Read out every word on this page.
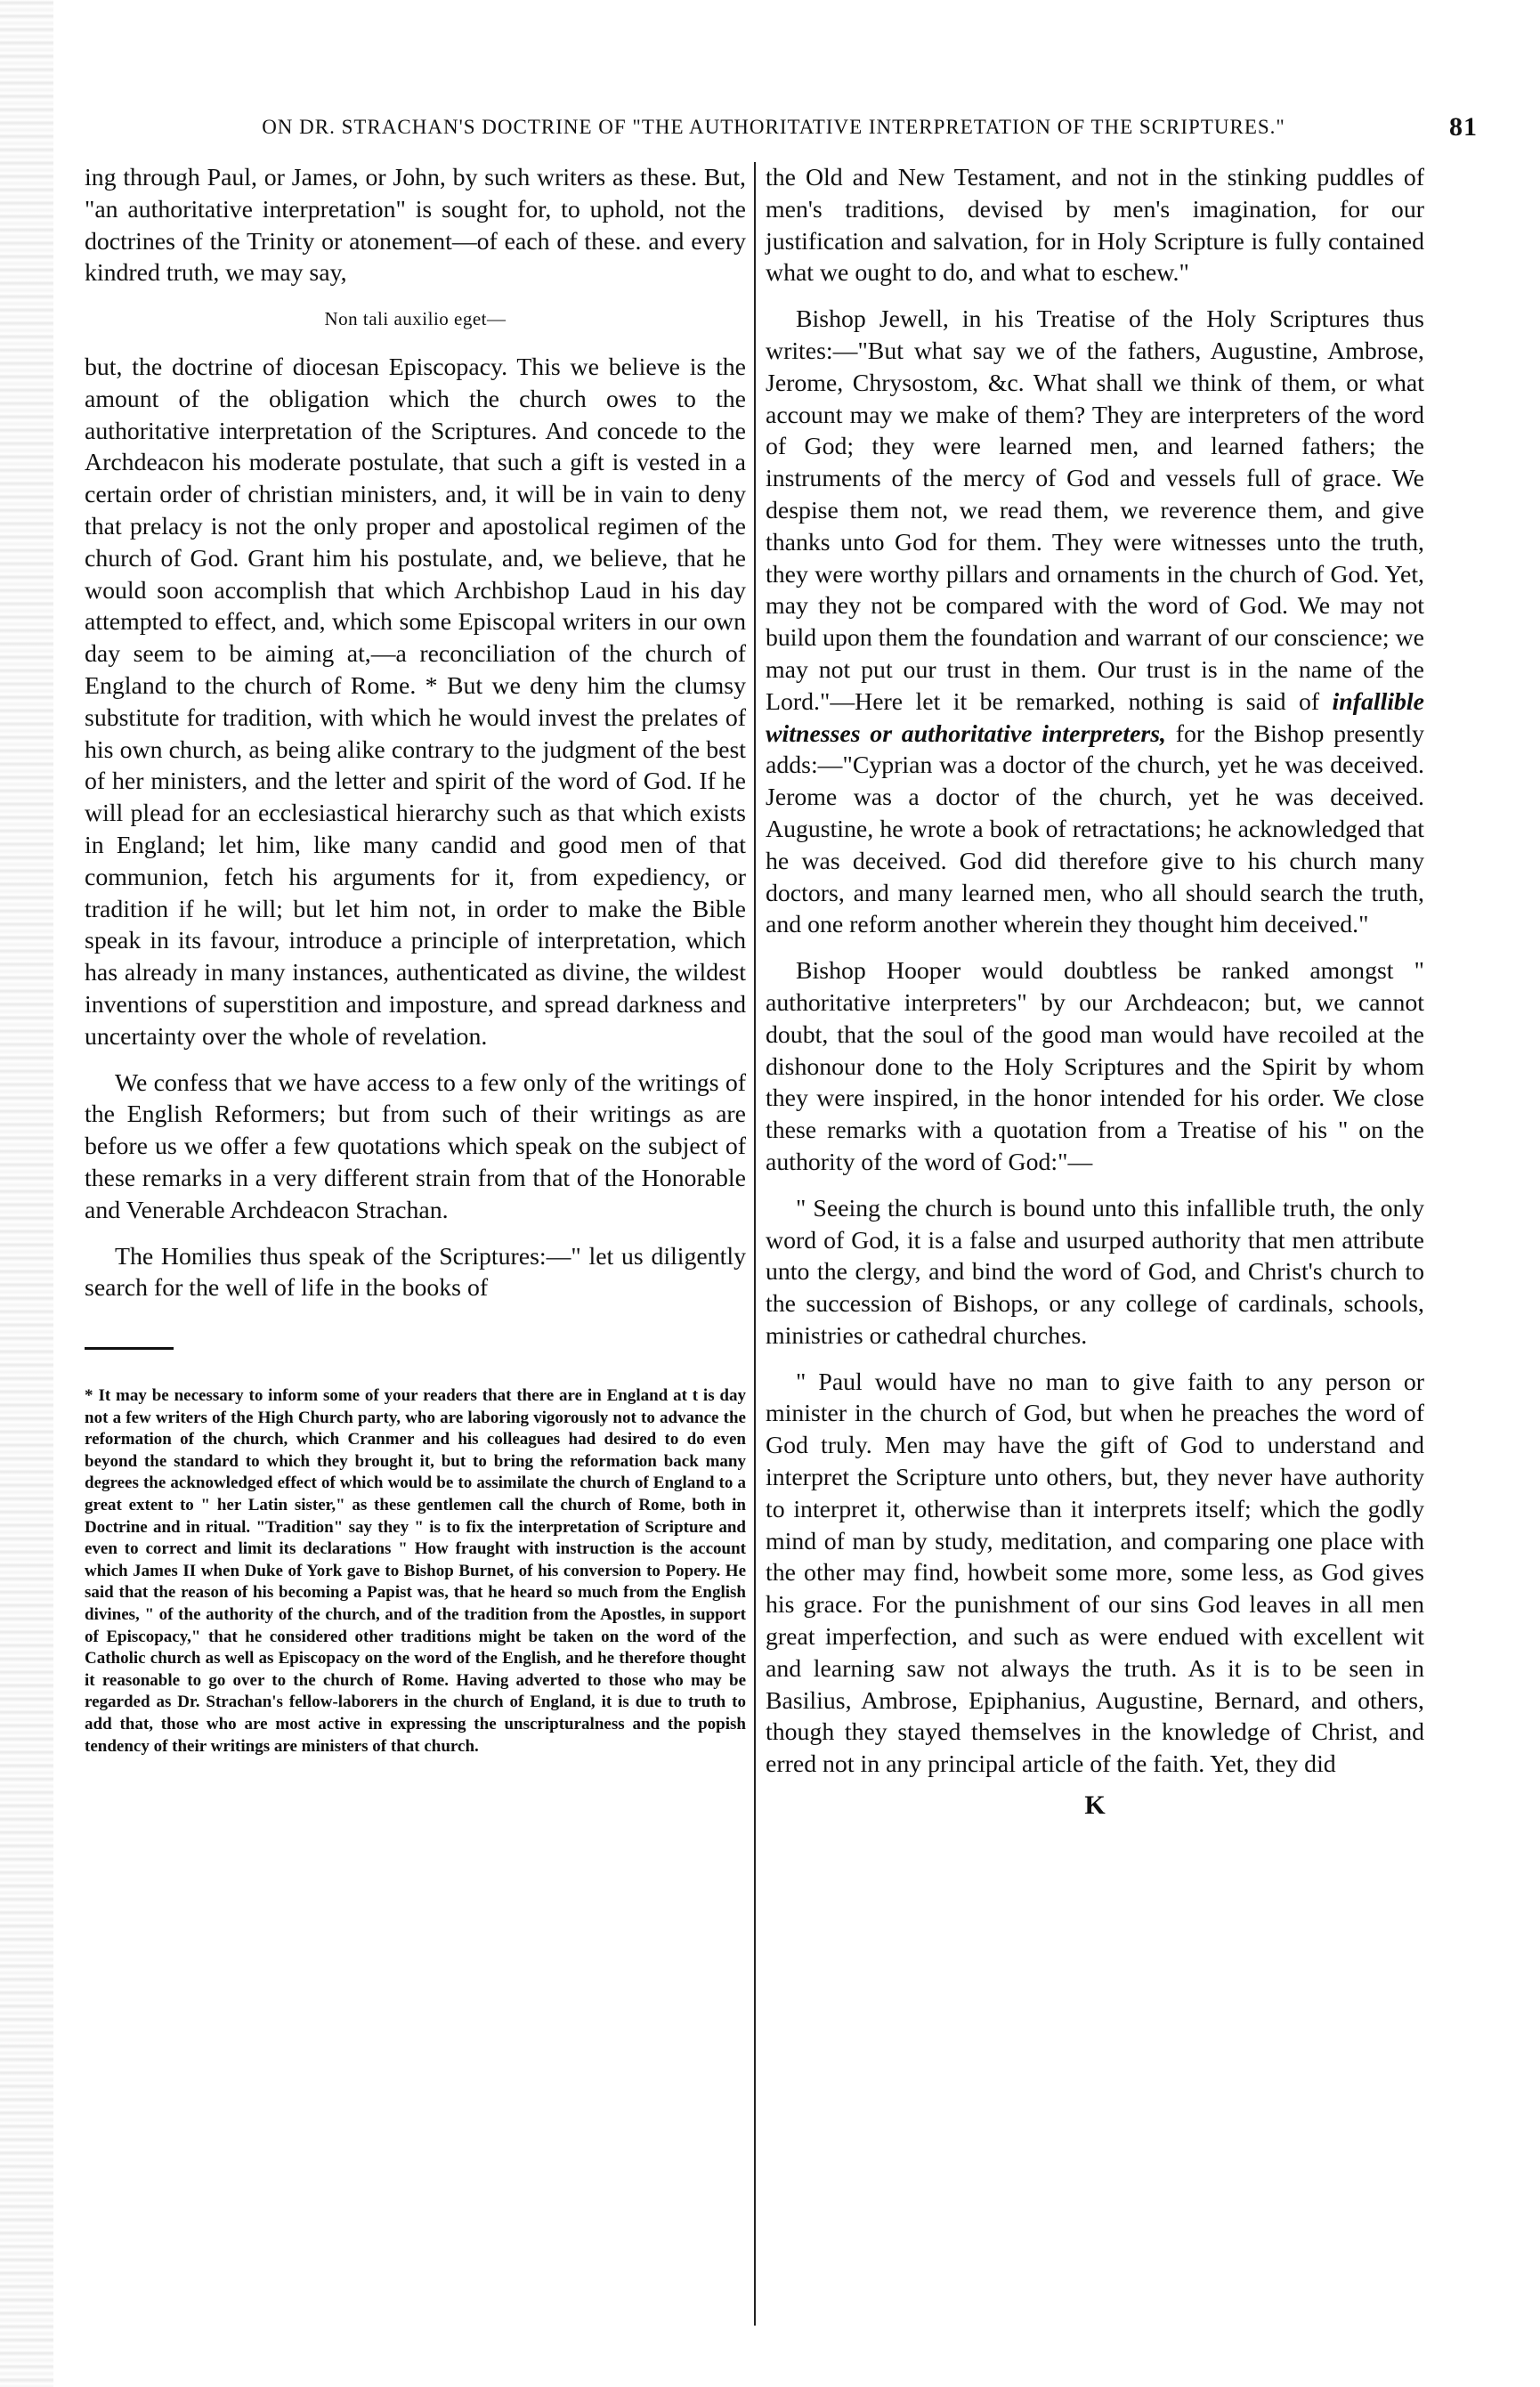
ON DR. STRACHAN'S DOCTRINE OF "THE AUTHORITATIVE INTERPRETATION OF THE SCRIPTURES."	81

ing through Paul, or James, or John, by such writers as these. But, "an authoritative interpretation" is sought for, to uphold, not the doctrines of the Trinity or atonement—of each of these. and every kindred truth, we may say,

Non tali auxilio eget—

but, the doctrine of diocesan Episcopacy. This we believe is the amount of the obligation which the church owes to the authoritative interpretation of the Scriptures. And concede to the Archdeacon his moderate postulate, that such a gift is vested in a certain order of christian ministers, and, it will be in vain to deny that prelacy is not the only proper and apostolical regimen of the church of God. Grant him his postulate, and, we believe, that he would soon accomplish that which Archbishop Laud in his day attempted to effect, and, which some Episcopal writers in our own day seem to be aiming at,—a reconciliation of the church of England to the church of Rome. * But we deny him the clumsy substitute for tradition, with which he would invest the prelates of his own church, as being alike contrary to the judgment of the best of her ministers, and the letter and spirit of the word of God. If he will plead for an ecclesiastical hierarchy such as that which exists in England; let him, like many candid and good men of that communion, fetch his arguments for it, from expediency, or tradition if he will; but let him not, in order to make the Bible speak in its favour, introduce a principle of interpretation, which has already in many instances, authenticated as divine, the wildest inventions of superstition and imposture, and spread darkness and uncertainty over the whole of revelation.

We confess that we have access to a few only of the writings of the English Reformers; but from such of their writings as are before us we offer a few quotations which speak on the subject of these remarks in a very different strain from that of the Honorable and Venerable Archdeacon Strachan.

The Homilies thus speak of the Scriptures:—" let us diligently search for the well of life in the books of

* It may be necessary to inform some of your readers that there are in England at t is day not a few writers of the High Church party, who are laboring vigorously not to advance the reformation of the church, which Cranmer and his colleagues had desired to do even beyond the standard to which they brought it, but to bring the reformation back many degrees the acknowledged effect of which would be to assimilate the church of England to a great extent to " her Latin sister," as these gentlemen call the church of Rome, both in Doctrine and in ritual. "Tradition" say they " is to fix the interpretation of Scripture and even to correct and limit its declarations " How fraught with instruction is the account which James II when Duke of York gave to Bishop Burnet, of his conversion to Popery. He said that the reason of his becoming a Papist was, that he heard so much from the English divines, " of the authority of the church, and of the tradition from the Apostles, in support of Episcopacy," that he considered other traditions might be taken on the word of the Catholic church as well as Episcopacy on the word of the English, and he therefore thought it reasonable to go over to the church of Rome. Having adverted to those who may be regarded as Dr. Strachan's fellow-laborers in the church of England, it is due to truth to add that, those who are most active in expressing the unscripturalness and the popish tendency of their writings are ministers of that church.

the Old and New Testament, and not in the stinking puddles of men's traditions, devised by men's imagination, for our justification and salvation, for in Holy Scripture is fully contained what we ought to do, and what to eschew."

Bishop Jewell, in his Treatise of the Holy Scriptures thus writes:—"But what say we of the fathers, Augustine, Ambrose, Jerome, Chrysostom, &c. What shall we think of them, or what account may we make of them? They are interpreters of the word of God; they were learned men, and learned fathers; the instruments of the mercy of God and vessels full of grace. We despise them not, we read them, we reverence them, and give thanks unto God for them. They were witnesses unto the truth, they were worthy pillars and ornaments in the church of God. Yet, may they not be compared with the word of God. We may not build upon them the foundation and warrant of our conscience; we may not put our trust in them. Our trust is in the name of the Lord."—Here let it be remarked, nothing is said of infallible witnesses or authoritative interpreters, for the Bishop presently adds:—"Cyprian was a doctor of the church, yet he was deceived. Jerome was a doctor of the church, yet he was deceived. Augustine, he wrote a book of retractations; he acknowledged that he was deceived. God did therefore give to his church many doctors, and many learned men, who all should search the truth, and one reform another wherein they thought him deceived."

Bishop Hooper would doubtless be ranked amongst " authoritative interpreters" by our Archdeacon; but, we cannot doubt, that the soul of the good man would have recoiled at the dishonour done to the Holy Scriptures and the Spirit by whom they were inspired, in the honor intended for his order. We close these remarks with a quotation from a Treatise of his " on the authority of the word of God:"—

" Seeing the church is bound unto this infallible truth, the only word of God, it is a false and usurped authority that men attribute unto the clergy, and bind the word of God, and Christ's church to the succession of Bishops, or any college of cardinals, schools, ministries or cathedral churches.

" Paul would have no man to give faith to any person or minister in the church of God, but when he preaches the word of God truly. Men may have the gift of God to understand and interpret the Scripture unto others, but, they never have authority to interpret it, otherwise than it interprets itself; which the godly mind of man by study, meditation, and comparing one place with the other may find, howbeit some more, some less, as God gives his grace. For the punishment of our sins God leaves in all men great imperfection, and such as were endued with excellent wit and learning saw not always the truth. As it is to be seen in Basilius, Ambrose, Epiphanius, Augustine, Bernard, and others, though they stayed themselves in the knowledge of Christ, and erred not in any principal article of the faith. Yet, they did

K
